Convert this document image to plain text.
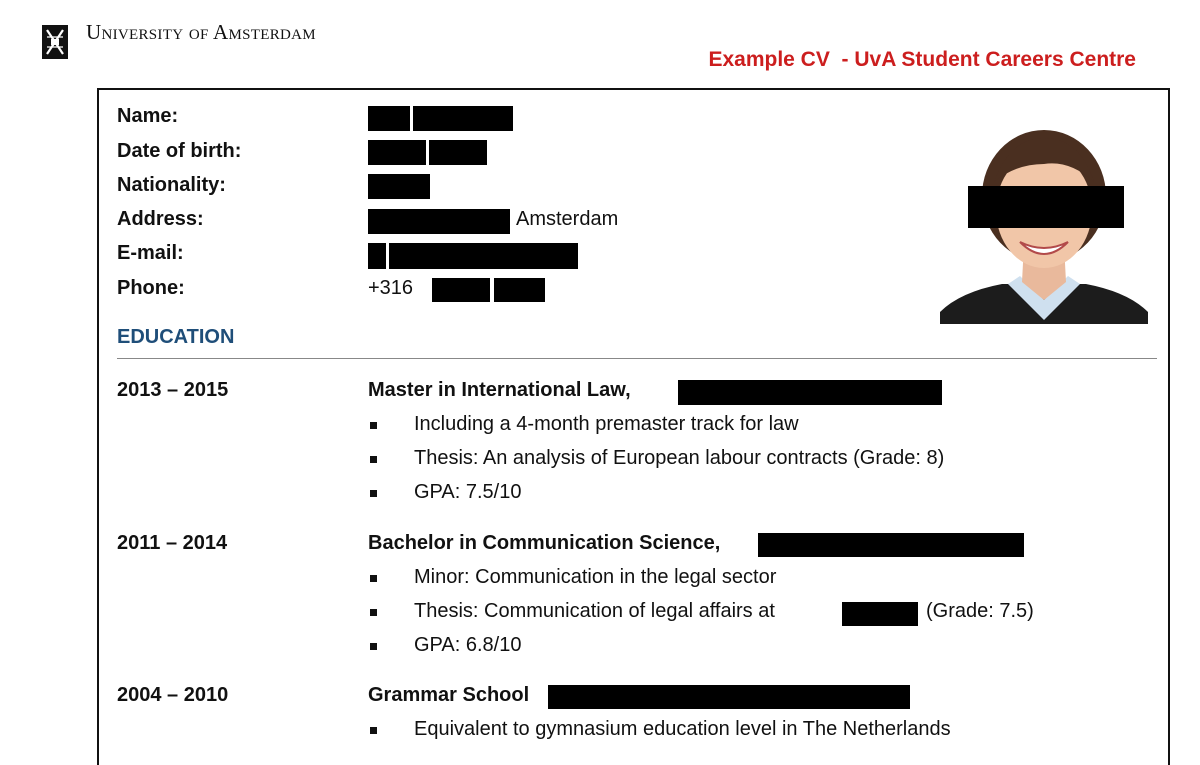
University of Amsterdam
Example CV  - UvA Student Careers Centre
Name:
Date of birth:
Nationality:
Address:	Amsterdam
E-mail:
Phone:	+316
EDUCATION
2013 – 2015	Master in International Law,
Including a 4-month premaster track for law
Thesis: An analysis of European labour contracts (Grade: 8)
GPA: 7.5/10
2011 – 2014	Bachelor in Communication Science,
Minor: Communication in the legal sector
Thesis: Communication of legal affairs at	(Grade: 7.5)
GPA: 6.8/10
2004 – 2010	Grammar School
Equivalent to gymnasium education level in The Netherlands
